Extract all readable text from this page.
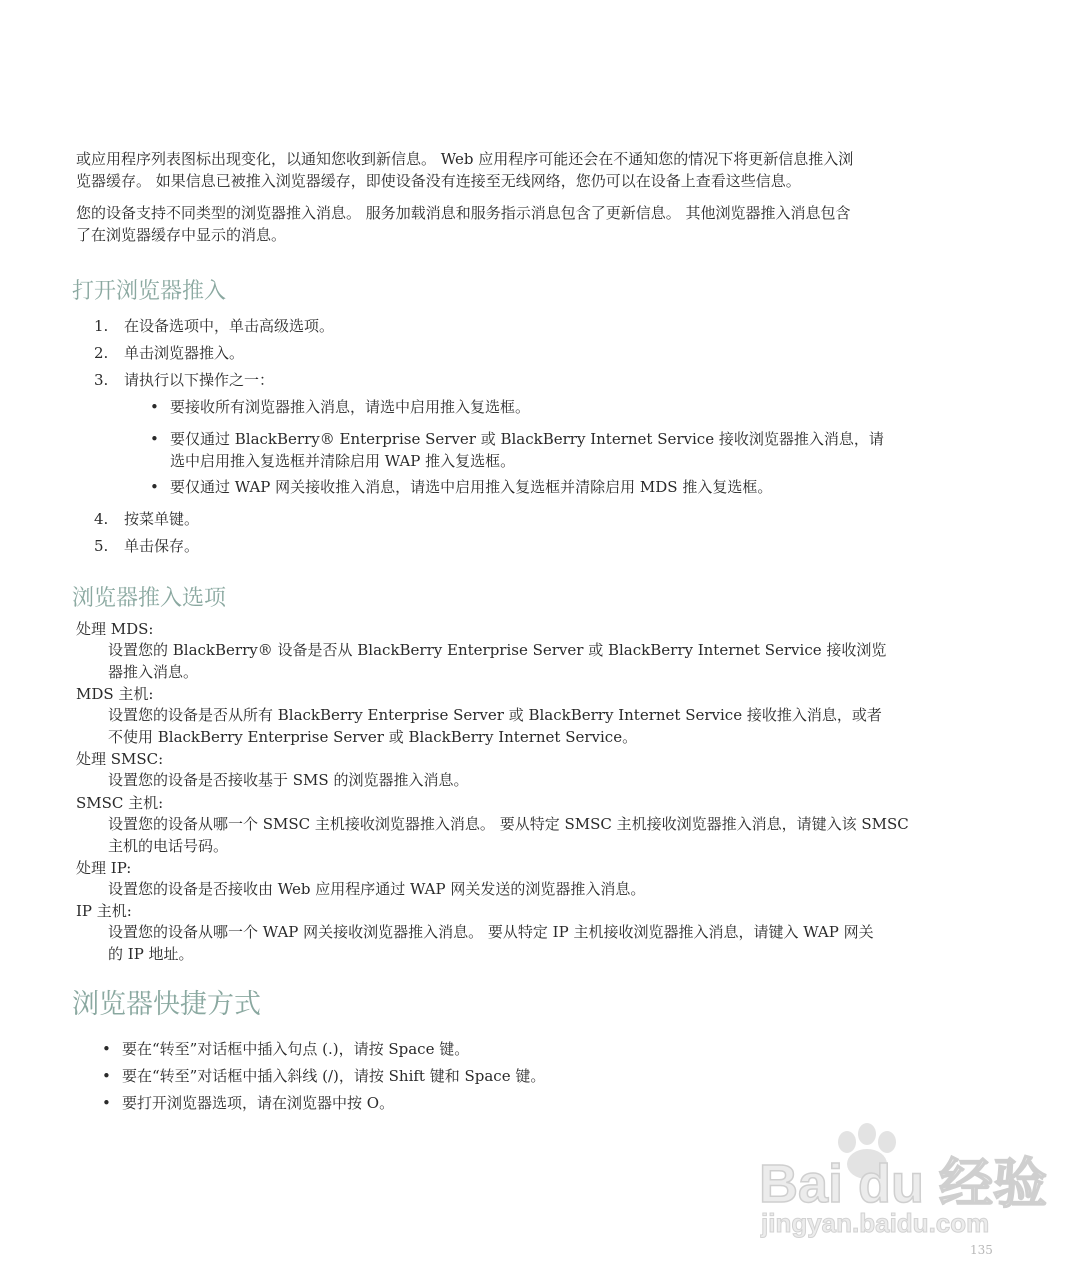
或应用程序列表图标出现变化，以通知您收到新信息。 Web 应用程序可能还会在不通知您的情况下将更新信息推入浏
览器缓存。 如果信息已被推入浏览器缓存，即使设备没有连接至无线网络，您仍可以在设备上查看这些信息。
您的设备支持不同类型的浏览器推入消息。 服务加载消息和服务指示消息包含了更新信息。 其他浏览器推入消息包含
了在浏览器缓存中显示的消息。
打开浏览器推入
1.	在设备选项中，单击高级选项。
2.	单击浏览器推入。
3.	请执行以下操作之一：
• 要接收所有浏览器推入消息，请选中启用推入复选框。
• 要仅通过 BlackBerry® Enterprise Server 或 BlackBerry Internet Service 接收浏览器推入消息，请
选中启用推入复选框并清除启用 WAP 推入复选框。
• 要仅通过 WAP 网关接收推入消息，请选中启用推入复选框并清除启用 MDS 推入复选框。
4.	按菜单键。
5.	单击保存。
浏览器推入选项
处理 MDS:
设置您的 BlackBerry® 设备是否从 BlackBerry Enterprise Server 或 BlackBerry Internet Service 接收浏览
器推入消息。
MDS 主机:
设置您的设备是否从所有 BlackBerry Enterprise Server 或 BlackBerry Internet Service 接收推入消息，或者
不使用 BlackBerry Enterprise Server 或 BlackBerry Internet Service。
处理 SMSC:
设置您的设备是否接收基于 SMS 的浏览器推入消息。
SMSC 主机:
设置您的设备从哪一个 SMSC 主机接收浏览器推入消息。 要从特定 SMSC 主机接收浏览器推入消息，请键入该 SMSC
主机的电话号码。
处理 IP:
设置您的设备是否接收由 Web 应用程序通过 WAP 网关发送的浏览器推入消息。
IP 主机:
设置您的设备从哪一个 WAP 网关接收浏览器推入消息。 要从特定 IP 主机接收浏览器推入消息，请键入 WAP 网关
的 IP 地址。
浏览器快捷方式
• 要在“转至”对话框中插入句点 (.)，请按 Space 键。
• 要在“转至”对话框中插入斜线 (/)，请按 Shift 键和 Space 键。
• 要打开浏览器选项，请在浏览器中按 O。
Bai du 经验
jingyan.baidu.com
135
